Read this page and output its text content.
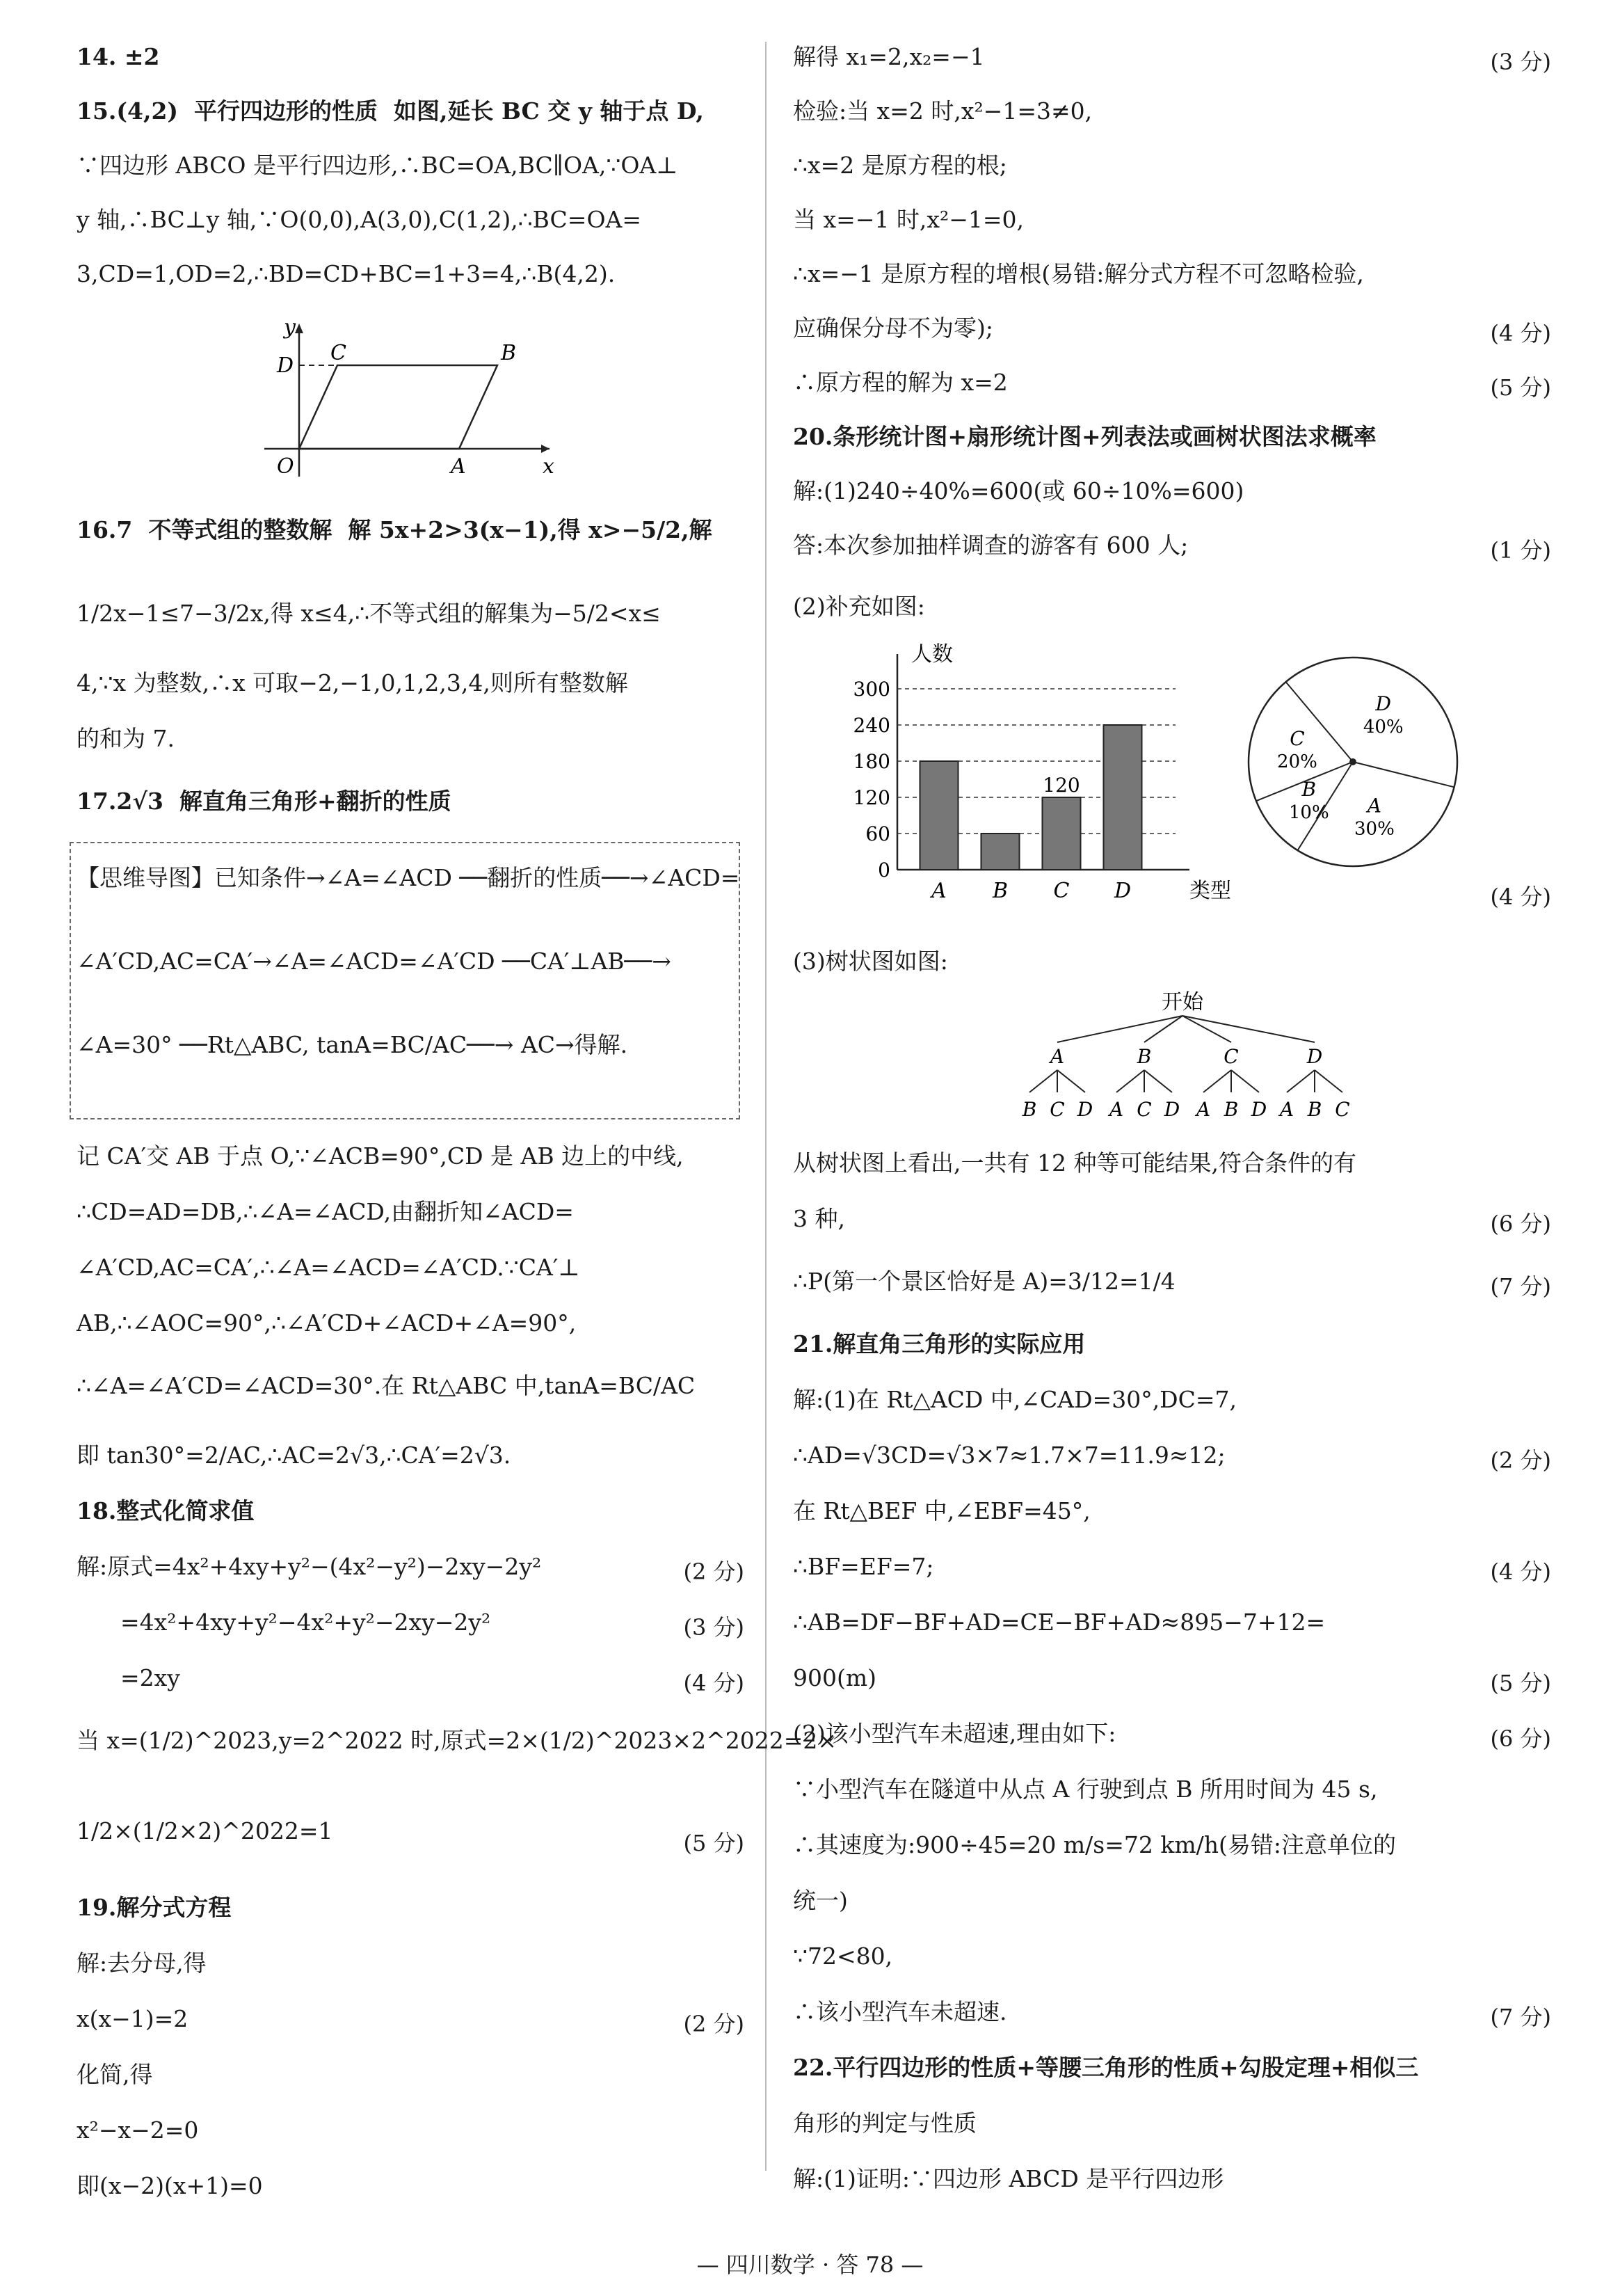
y
x
O	A
B
C
D
14. ±2
15.(4,2)  平行四边形的性质  如图,延长 BC 交 y 轴于点 D,
∵四边形 ABCO 是平行四边形,∴BC=OA,BC∥OA,∵OA⊥
y 轴,∴BC⊥y 轴,∵O(0,0),A(3,0),C(1,2),∴BC=OA=
3,CD=1,OD=2,∴BD=CD+BC=1+3=4,∴B(4,2).
16.7  不等式组的整数解  解 5x+2>3(x−1),得 x>−5/2,解
1/2x−1≤7−3/2x,得 x≤4,∴不等式组的解集为−5/2<x≤
4,∵x 为整数,∴x 可取−2,−1,0,1,2,3,4,则所有整数解
的和为 7.
17.2√3  解直角三角形+翻折的性质
【思维导图】已知条件→∠A=∠ACD ──翻折的性质──→∠ACD=
∠A′CD,AC=CA′→∠A=∠ACD=∠A′CD ──CA′⊥AB──→
∠A=30° ──Rt△ABC, tanA=BC/AC──→ AC→得解.
记 CA′交 AB 于点 O,∵∠ACB=90°,CD 是 AB 边上的中线,
∴CD=AD=DB,∴∠A=∠ACD,由翻折知∠ACD=
∠A′CD,AC=CA′,∴∠A=∠ACD=∠A′CD.∵CA′⊥
AB,∴∠AOC=90°,∴∠A′CD+∠ACD+∠A=90°,
∴∠A=∠A′CD=∠ACD=30°.在 Rt△ABC 中,tanA=BC/AC
即 tan30°=2/AC,∴AC=2√3,∴CA′=2√3.
18.整式化简求值
解:原式=4x²+4xy+y²−(4x²−y²)−2xy−2y²
=4x²+4xy+y²−4x²+y²−2xy−2y²
=2xy
当 x=(1/2)^2023,y=2^2022 时,原式=2×(1/2)^2023×2^2022=2×
1/2×(1/2×2)^2022=1
19.解分式方程
解:去分母,得
x(x−1)=2
化简,得
x²−x−2=0
即(x−2)(x+1)=0
(2 分)
(3 分)
(4 分)
(5 分)
(2 分)
0
60
120
180
240
300
人数
类型
A B C
120
D
D
40%
A
30%
B
10%
C
20%
开始
A
B C D
B
A C D
C
A B D
D
A B C
解得 x₁=2,x₂=−1
检验:当 x=2 时,x²−1=3≠0,
∴x=2 是原方程的根;
当 x=−1 时,x²−1=0,
∴x=−1 是原方程的增根(易错:解分式方程不可忽略检验,
应确保分母不为零);
∴原方程的解为 x=2
20.条形统计图+扇形统计图+列表法或画树状图法求概率
解:(1)240÷40%=600(或 60÷10%=600)
答:本次参加抽样调查的游客有 600 人;
(2)补充如图:
(3)树状图如图:
从树状图上看出,一共有 12 种等可能结果,符合条件的有
3 种,
∴P(第一个景区恰好是 A)=3/12=1/4
21.解直角三角形的实际应用
解:(1)在 Rt△ACD 中,∠CAD=30°,DC=7,
∴AD=√3CD=√3×7≈1.7×7=11.9≈12;
在 Rt△BEF 中,∠EBF=45°,
∴BF=EF=7;
∴AB=DF−BF+AD=CE−BF+AD≈895−7+12=
900(m)
(2)该小型汽车未超速,理由如下:
∵小型汽车在隧道中从点 A 行驶到点 B 所用时间为 45 s,
∴其速度为:900÷45=20 m/s=72 km/h(易错:注意单位的
统一)
∵72<80,
∴该小型汽车未超速.
22.平行四边形的性质+等腰三角形的性质+勾股定理+相似三
角形的判定与性质
解:(1)证明:∵四边形 ABCD 是平行四边形
(3 分)
(4 分)
(5 分)
(1 分)
(4 分)
(6 分)
(7 分)
(2 分)
(4 分)
(5 分)
(6 分)
(7 分)
— 四川数学 · 答 78 —
